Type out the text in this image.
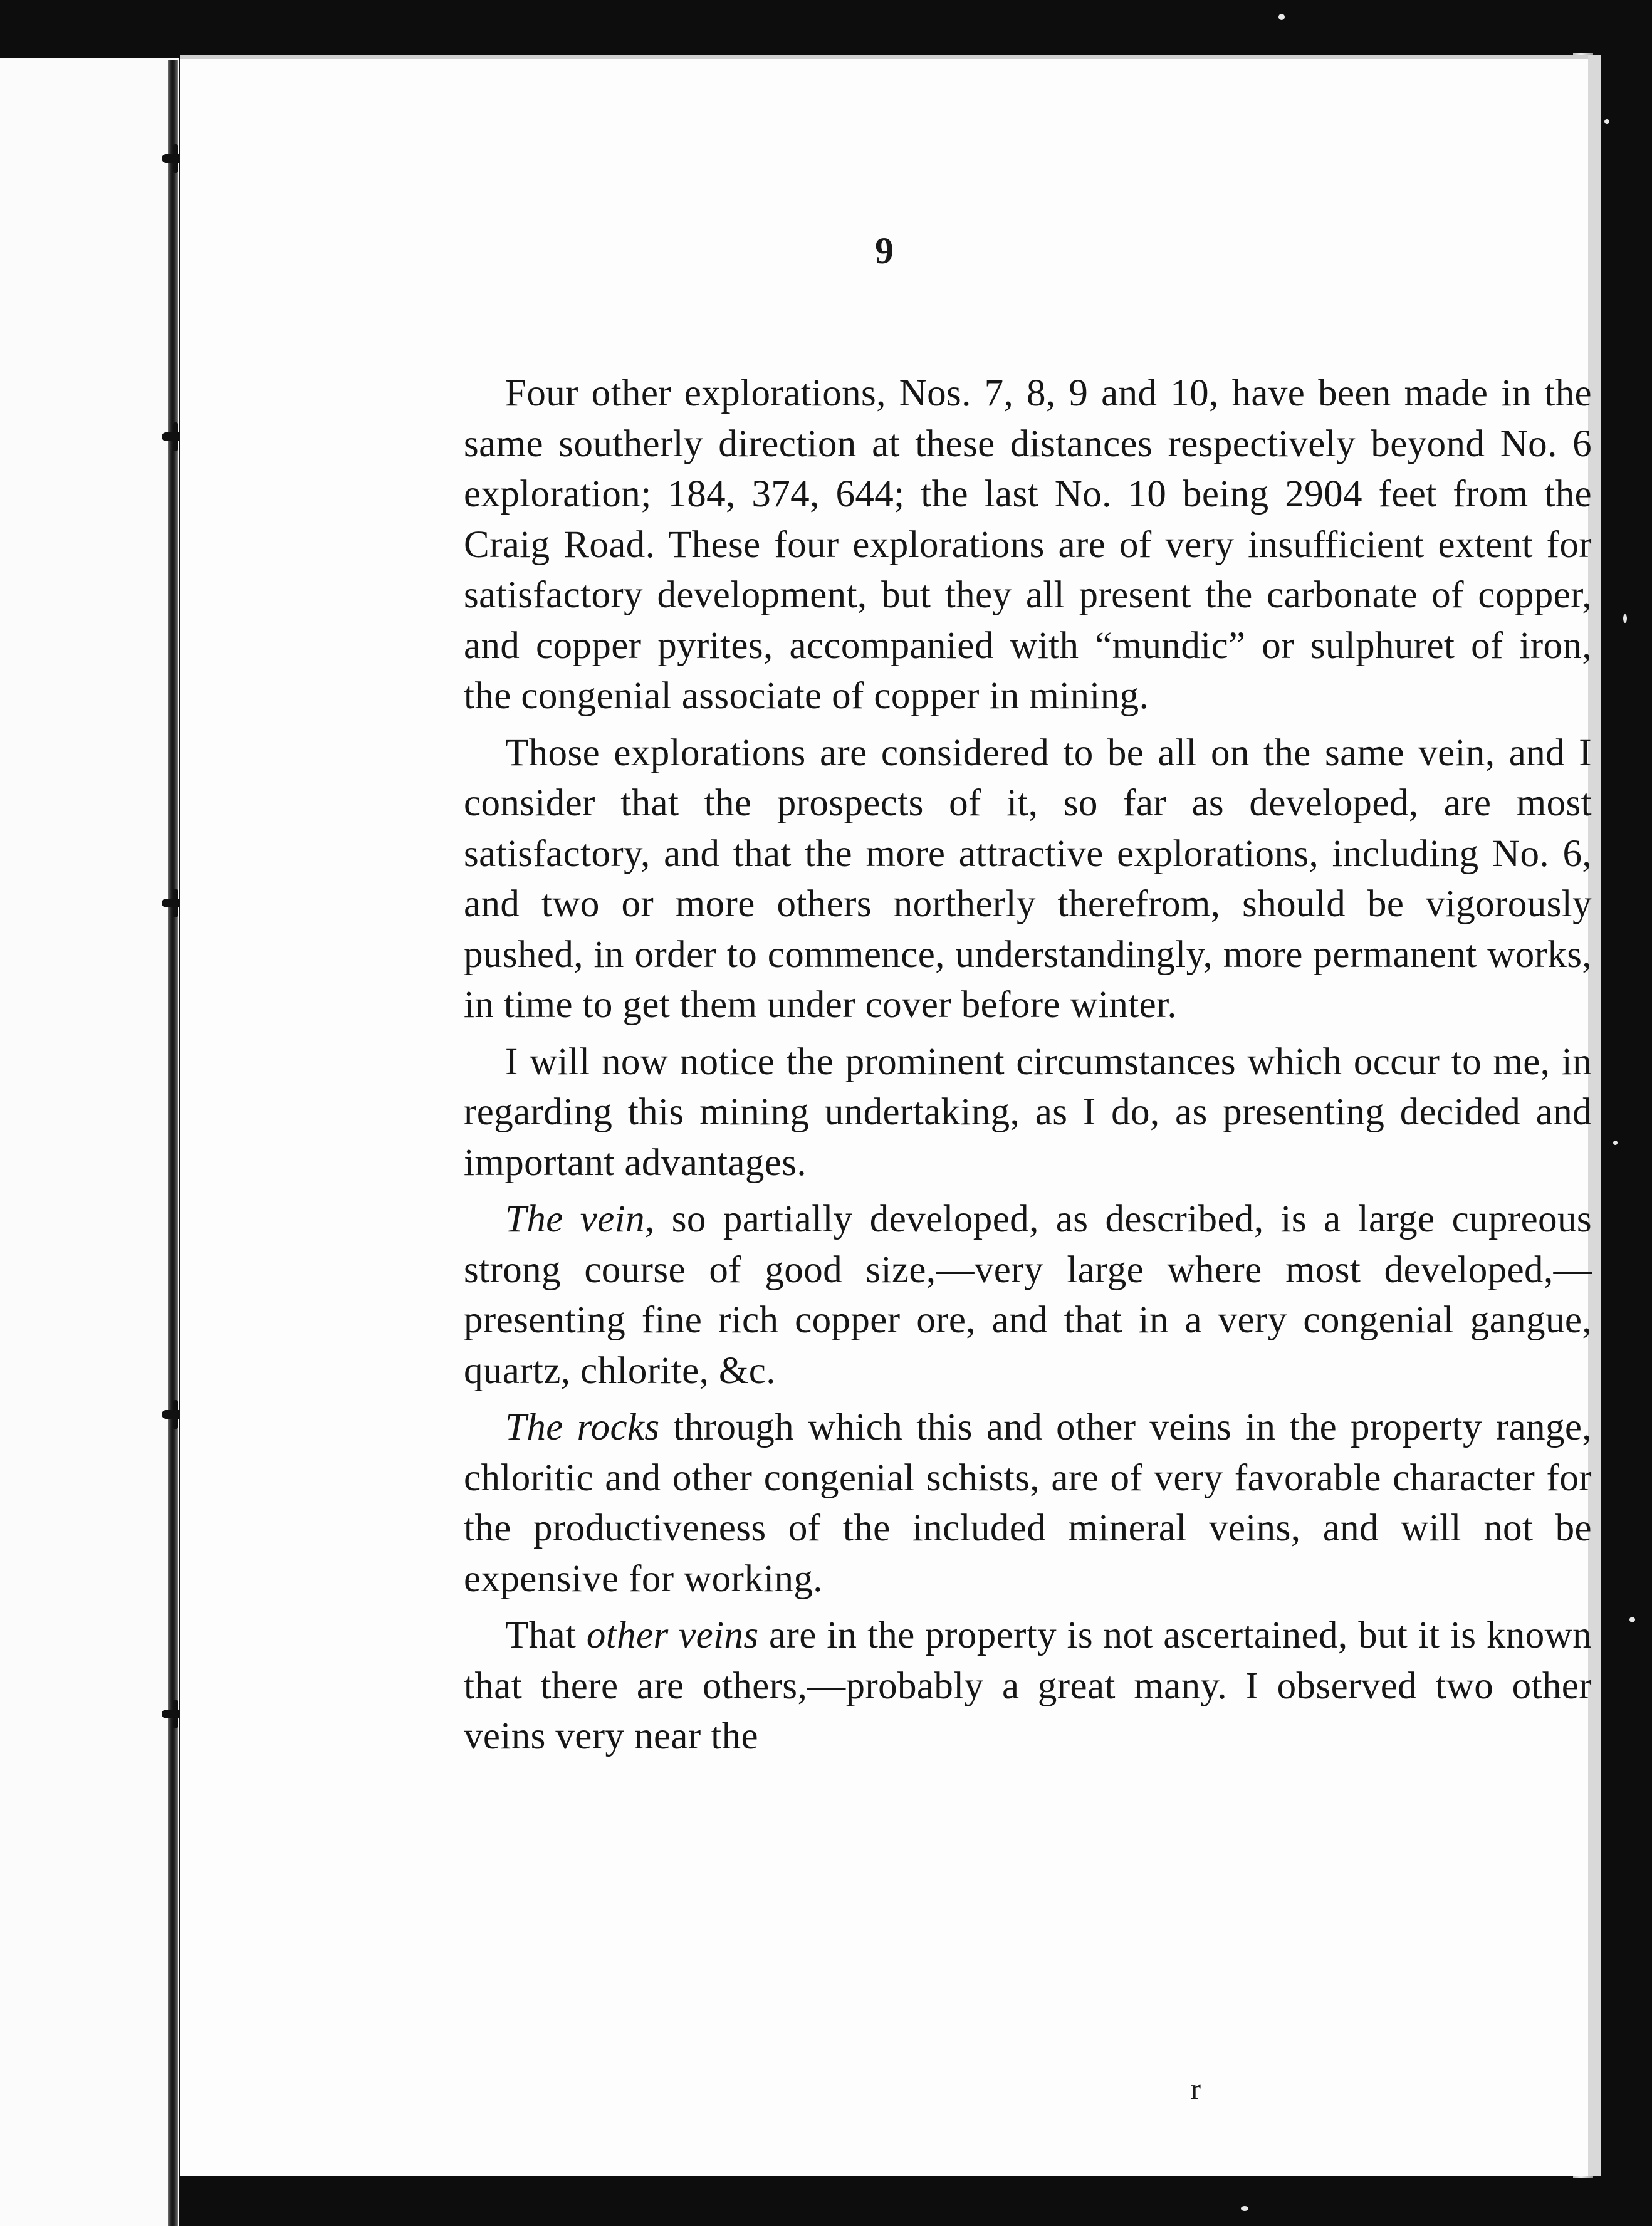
9

Four other explorations, Nos. 7, 8, 9 and 10, have been made in the same southerly direction at these distances respectively beyond No. 6 exploration; 184, 374, 644; the last No. 10 being 2904 feet from the Craig Road. These four explorations are of very insufficient extent for satisfactory development, but they all present the carbonate of copper, and copper pyrites, accompanied with “mundic” or sulphuret of iron, the congenial associate of copper in mining.

Those explorations are considered to be all on the same vein, and I consider that the prospects of it, so far as developed, are most satisfactory, and that the more attractive explorations, including No. 6, and two or more others northerly therefrom, should be vigorously pushed, in order to commence, understandingly, more permanent works, in time to get them under cover before winter.

I will now notice the prominent circumstances which occur to me, in regarding this mining undertaking, as I do, as presenting decided and important advantages.

The vein, so partially developed, as described, is a large cupreous strong course of good size,—very large where most developed,—presenting fine rich copper ore, and that in a very congenial gangue, quartz, chlorite, &c.

The rocks through which this and other veins in the property range, chloritic and other congenial schists, are of very favorable character for the productiveness of the included mineral veins, and will not be expensive for working.

That other veins are in the property is not ascertained, but it is known that there are others,—probably a great many. I observed two other veins very near the

r
